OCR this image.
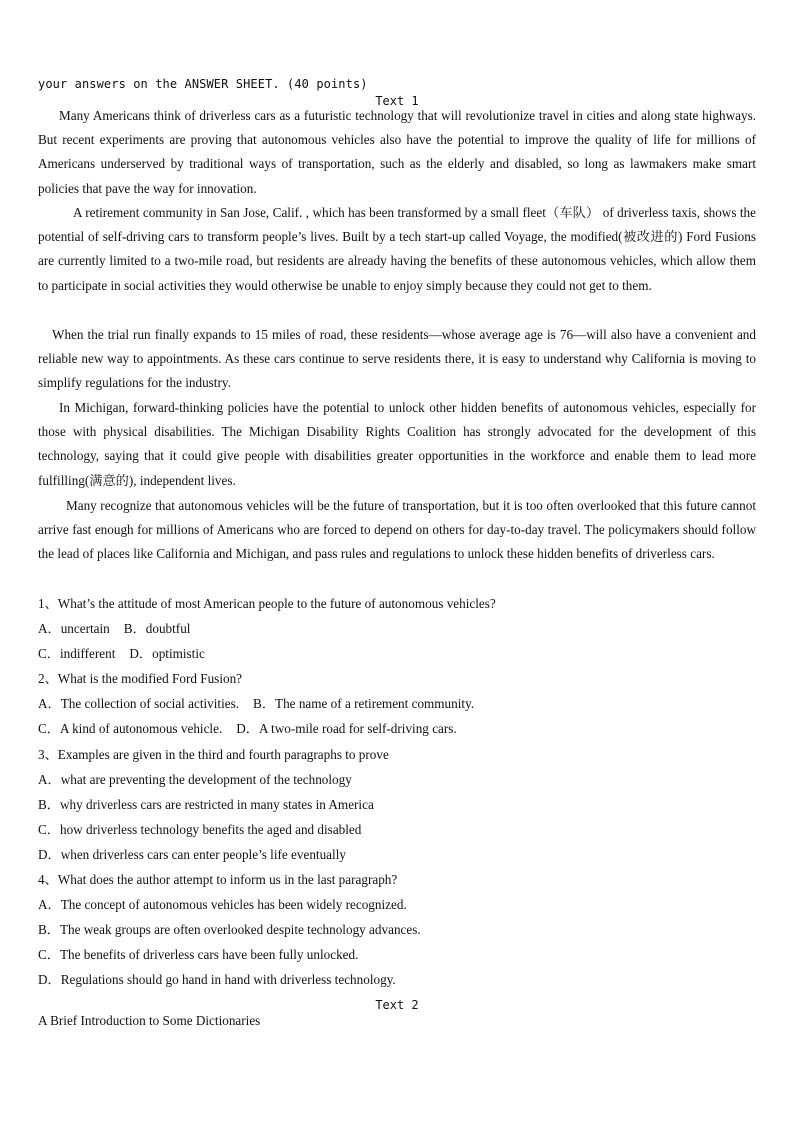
your answers on the ANSWER SHEET. (40 points)
Text 1
Many Americans think of driverless cars as a futuristic technology that will revolutionize travel in cities and along state highways. But recent experiments are proving that autonomous vehicles also have the potential to improve the quality of life for millions of Americans underserved by traditional ways of transportation, such as the elderly and disabled, so long as lawmakers make smart policies that pave the way for innovation.
A retirement community in San Jose, Calif. , which has been transformed by a small fleet（车队） of driverless taxis, shows the potential of self-driving cars to transform people’s lives. Built by a tech start-up called Voyage, the modified(被改进的) Ford Fusions are currently limited to a two-mile road, but residents are already having the benefits of these autonomous vehicles, which allow them to participate in social activities they would otherwise be unable to enjoy simply because they could not get to them.
When the trial run finally expands to 15 miles of road, these residents—whose average age is 76—will also have a convenient and reliable new way to appointments. As these cars continue to serve residents there, it is easy to understand why California is moving to simplify regulations for the industry.
In Michigan, forward-thinking policies have the potential to unlock other hidden benefits of autonomous vehicles, especially for those with physical disabilities. The Michigan Disability Rights Coalition has strongly advocated for the development of this technology, saying that it could give people with disabilities greater opportunities in the workforce and enable them to lead more fulfilling(满意的), independent lives.
Many recognize that autonomous vehicles will be the future of transportation, but it is too often overlooked that this future cannot arrive fast enough for millions of Americans who are forced to depend on others for day-to-day travel. The policymakers should follow the lead of places like California and Michigan, and pass rules and regulations to unlock these hidden benefits of driverless cars.
1、What’s the attitude of most American people to the future of autonomous vehicles?
A．uncertain B．doubtful
C．indifferent D．optimistic
2、What is the modified Ford Fusion?
A．The collection of social activities. B．The name of a retirement community.
C．A kind of autonomous vehicle. D．A two-mile road for self-driving cars.
3、Examples are given in the third and fourth paragraphs to prove
A．what are preventing the development of the technology
B．why driverless cars are restricted in many states in America
C．how driverless technology benefits the aged and disabled
D．when driverless cars can enter people’s life eventually
4、What does the author attempt to inform us in the last paragraph?
A．The concept of autonomous vehicles has been widely recognized.
B．The weak groups are often overlooked despite technology advances.
C．The benefits of driverless cars have been fully unlocked.
D．Regulations should go hand in hand with driverless technology.
Text 2
A Brief Introduction to Some Dictionaries
